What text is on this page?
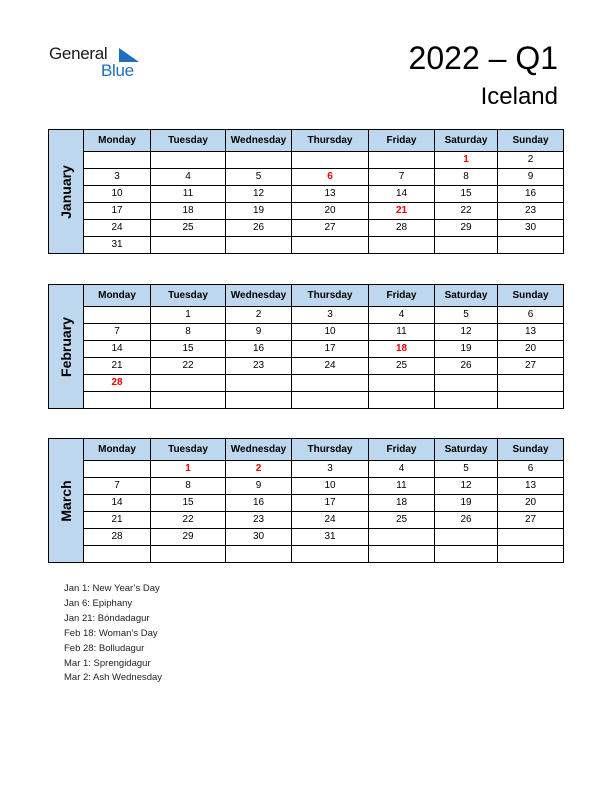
General
Blue	2022 – Q1
Iceland
January	Monday	Tuesday	Wednesday	Thursday	Friday	Saturday	Sunday
						1	2
	3	4	5	6	7	8	9
	10	11	12	13	14	15	16
	17	18	19	20	21	22	23
	24	25	26	27	28	29	30
	31						
February	Monday	Tuesday	Wednesday	Thursday	Friday	Saturday	Sunday
		1	2	3	4	5	6
	7	8	9	10	11	12	13
	14	15	16	17	18	19	20
	21	22	23	24	25	26	27
	28						

March	Monday	Tuesday	Wednesday	Thursday	Friday	Saturday	Sunday
		1	2	3	4	5	6
	7	8	9	10	11	12	13
	14	15	16	17	18	19	20
	21	22	23	24	25	26	27
	28	29	30	31			

Jan 1: New Year’s Day
Jan 6: Epiphany
Jan 21: Bóndadagur
Feb 18: Woman’s Day
Feb 28: Bolludagur
Mar 1: Sprengidagur
Mar 2: Ash Wednesday
